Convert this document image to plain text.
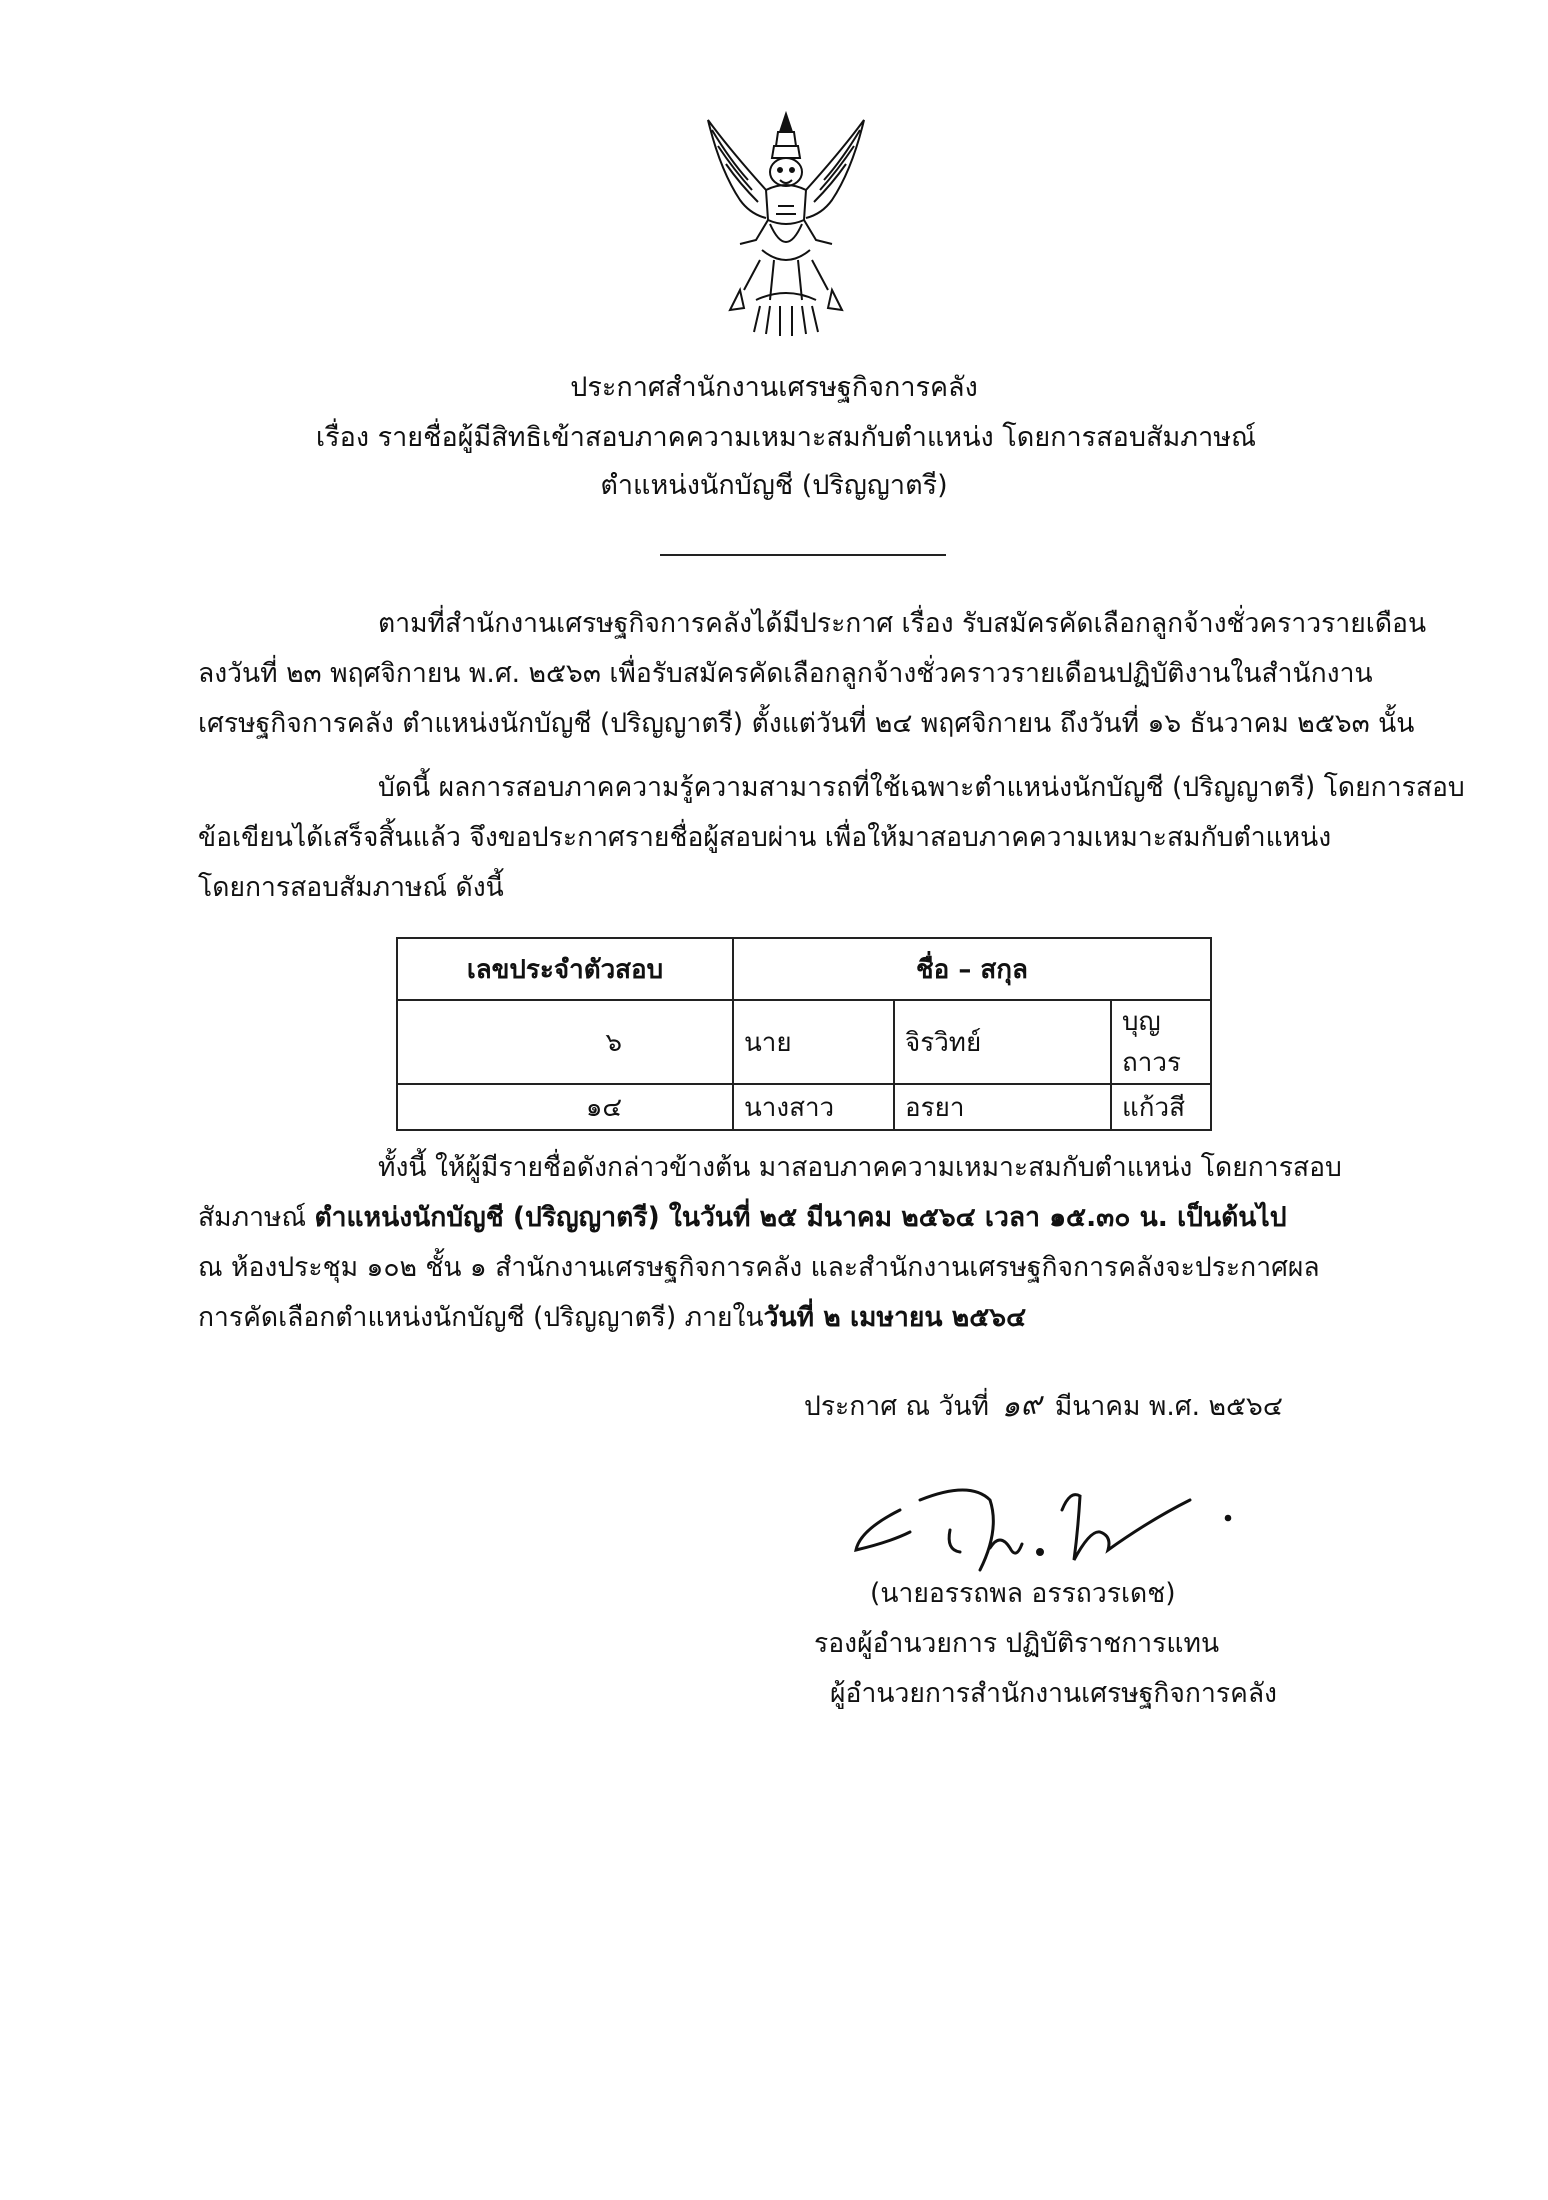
ประกาศสำนักงานเศรษฐกิจการคลัง
เรื่อง รายชื่อผู้มีสิทธิเข้าสอบภาคความเหมาะสมกับตำแหน่ง โดยการสอบสัมภาษณ์
ตำแหน่งนักบัญชี (ปริญญาตรี)
ตามที่สำนักงานเศรษฐกิจการคลังได้มีประกาศ เรื่อง รับสมัครคัดเลือกลูกจ้างชั่วคราวรายเดือน
ลงวันที่ ๒๓ พฤศจิกายน พ.ศ. ๒๕๖๓ เพื่อรับสมัครคัดเลือกลูกจ้างชั่วคราวรายเดือนปฏิบัติงานในสำนักงาน
เศรษฐกิจการคลัง ตำแหน่งนักบัญชี (ปริญญาตรี) ตั้งแต่วันที่ ๒๔ พฤศจิกายน ถึงวันที่ ๑๖ ธันวาคม ๒๕๖๓ นั้น
บัดนี้ ผลการสอบภาคความรู้ความสามารถที่ใช้เฉพาะตำแหน่งนักบัญชี (ปริญญาตรี) โดยการสอบ
ข้อเขียนได้เสร็จสิ้นแล้ว จึงขอประกาศรายชื่อผู้สอบผ่าน เพื่อให้มาสอบภาคความเหมาะสมกับตำแหน่ง
โดยการสอบสัมภาษณ์ ดังนี้
เลขประจำตัวสอบ	ชื่อ – สกุล		
๖	นาย	จิรวิทย์	บุญถาวร
๑๔	นางสาว	อรยา	แก้วสี
ทั้งนี้ ให้ผู้มีรายชื่อดังกล่าวข้างต้น มาสอบภาคความเหมาะสมกับตำแหน่ง โดยการสอบ
สัมภาษณ์ ตำแหน่งนักบัญชี (ปริญญาตรี) ในวันที่ ๒๕ มีนาคม ๒๕๖๔ เวลา ๑๕.๓๐ น. เป็นต้นไป
ณ ห้องประชุม ๑๐๒ ชั้น ๑ สำนักงานเศรษฐกิจการคลัง และสำนักงานเศรษฐกิจการคลังจะประกาศผล
การคัดเลือกตำแหน่งนักบัญชี (ปริญญาตรี) ภายในวันที่ ๒ เมษายน ๒๕๖๔
ประกาศ ณ วันที่ ๑๙ มีนาคม พ.ศ. ๒๕๖๔
(นายอรรถพล อรรถวรเดช)
รองผู้อำนวยการ ปฏิบัติราชการแทน
ผู้อำนวยการสำนักงานเศรษฐกิจการคลัง
